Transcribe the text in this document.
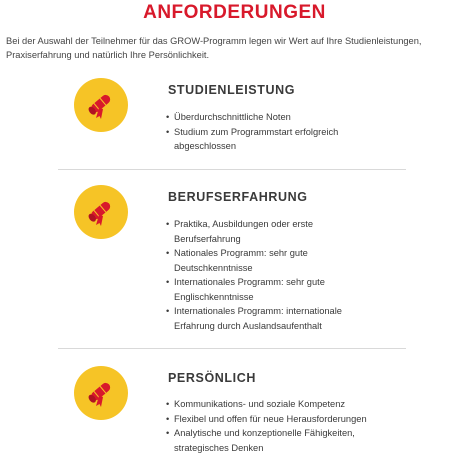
ANFORDERUNGEN
Bei der Auswahl der Teilnehmer für das GROW-Programm legen wir Wert auf Ihre Studienleistungen, Praxiserfahrung und natürlich Ihre Persönlichkeit.
STUDIENLEISTUNG
• Überdurchschnittliche Noten
• Studium zum Programmstart erfolgreich abgeschlossen
BERUFSERFAHRUNG
• Praktika, Ausbildungen oder erste Berufserfahrung
• Nationales Programm: sehr gute Deutschkenntnisse
• Internationales Programm: sehr gute Englischkenntnisse
• Internationales Programm: internationale Erfahrung durch Auslandsaufenthalt
PERSÖNLICH
• Kommunikations- und soziale Kompetenz
• Flexibel und offen für neue Herausforderungen
• Analytische und konzeptionelle Fähigkeiten, strategisches Denken
